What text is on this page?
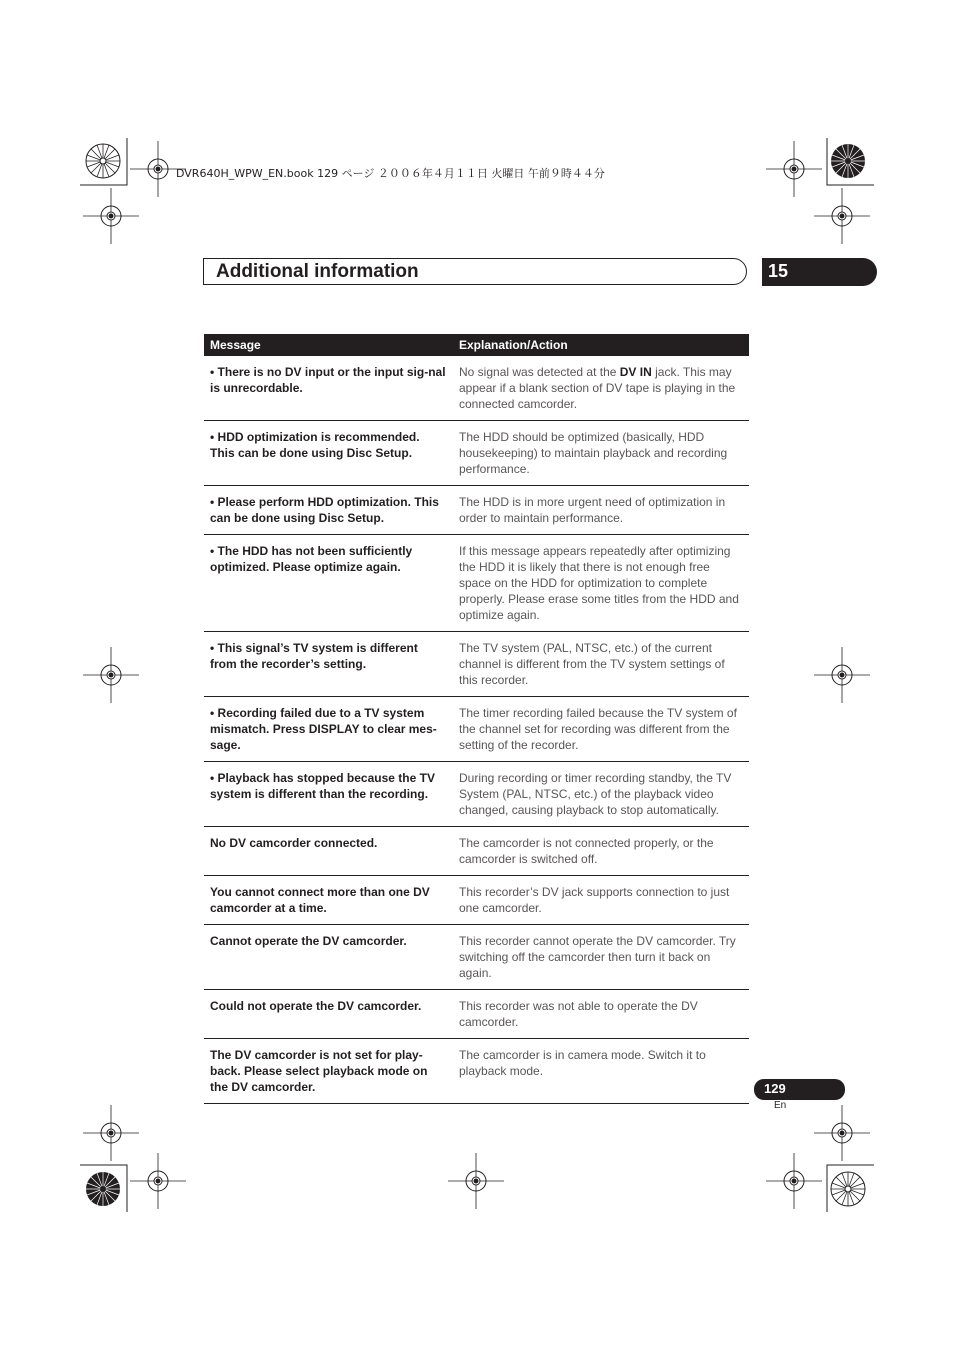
DVR640H_WPW_EN.book 129 ページ ２００６年４月１１日 火曜日 午前９時４４分
Additional information	15
Message	Explanation/Action
• There is no DV input or the input sig-nal is unrecordable.	No signal was detected at the DV IN jack. This may appear if a blank section of DV tape is playing in the connected camcorder.
• HDD optimization is recommended. This can be done using Disc Setup.	The HDD should be optimized (basically, HDD housekeeping) to maintain playback and recording performance.
• Please perform HDD optimization. This can be done using Disc Setup.	The HDD is in more urgent need of optimization in order to maintain performance.
• The HDD has not been sufficiently optimized. Please optimize again.	If this message appears repeatedly after optimizing the HDD it is likely that there is not enough free space on the HDD for optimization to complete properly. Please erase some titles from the HDD and optimize again.
• This signal’s TV system is different from the recorder’s setting.	The TV system (PAL, NTSC, etc.) of the current channel is different from the TV system settings of this recorder.
• Recording failed due to a TV system mismatch. Press DISPLAY to clear mes-sage.	The timer recording failed because the TV system of the channel set for recording was different from the setting of the recorder.
• Playback has stopped because the TV system is different than the recording.	During recording or timer recording standby, the TV System (PAL, NTSC, etc.) of the playback video changed, causing playback to stop automatically.
No DV camcorder connected.	The camcorder is not connected properly, or the camcorder is switched off.
You cannot connect more than one DV camcorder at a time.	This recorder’s DV jack supports connection to just one camcorder.
Cannot operate the DV camcorder.	This recorder cannot operate the DV camcorder. Try switching off the camcorder then turn it back on again.
Could not operate the DV camcorder.	This recorder was not able to operate the DV camcorder.
The DV camcorder is not set for play-back. Please select playback mode on the DV camcorder.	The camcorder is in camera mode. Switch it to playback mode.
129
En
